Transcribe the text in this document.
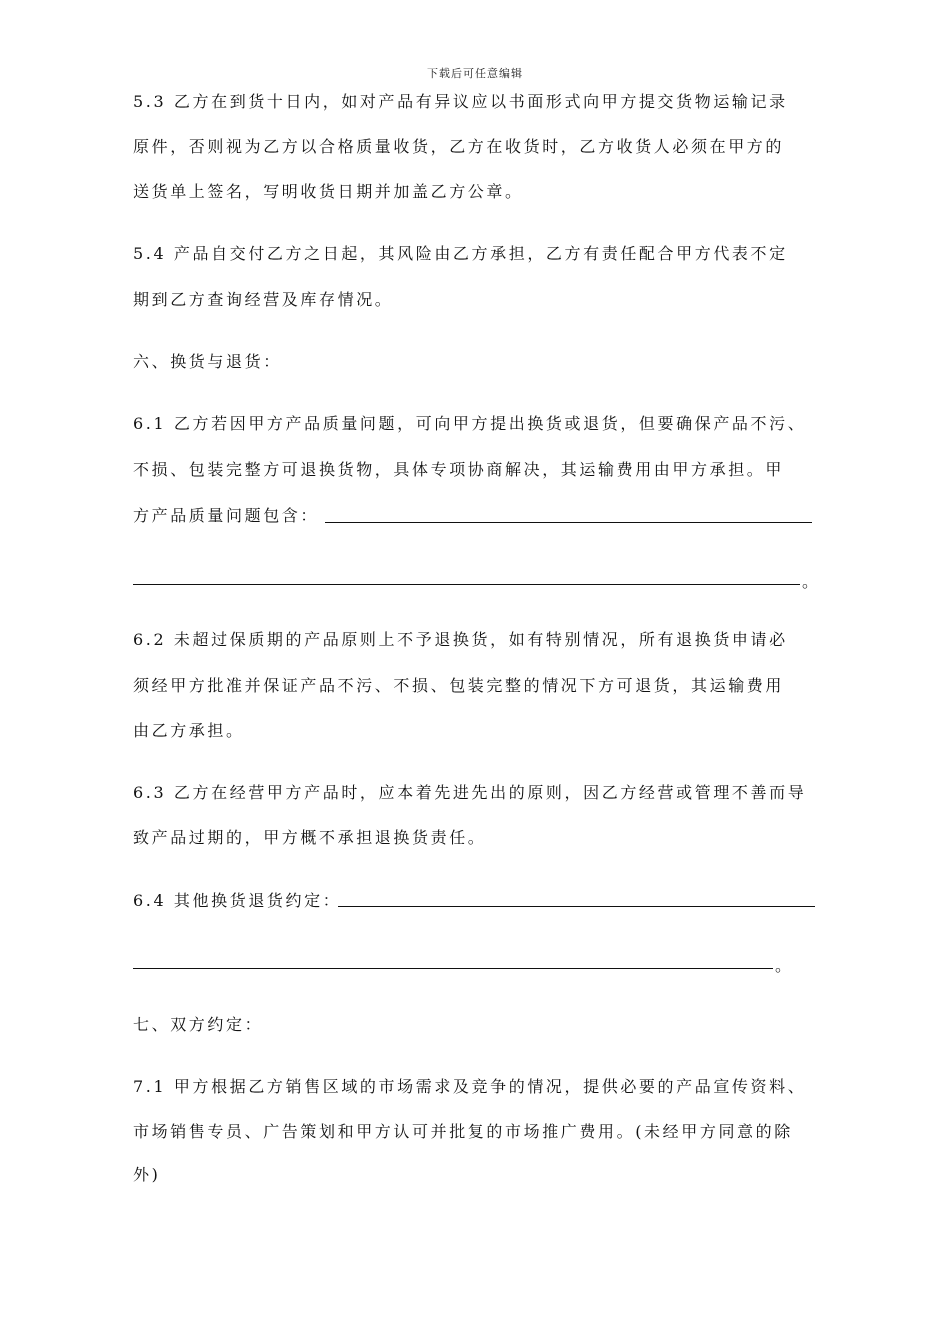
下载后可任意编辑
5.3 乙方在到货十日内，如对产品有异议应以书面形式向甲方提交货物运输记录
原件，否则视为乙方以合格质量收货，乙方在收货时，乙方收货人必须在甲方的
送货单上签名，写明收货日期并加盖乙方公章。
5.4 产品自交付乙方之日起，其风险由乙方承担，乙方有责任配合甲方代表不定
期到乙方查询经营及库存情况。
六、换货与退货：
6.1 乙方若因甲方产品质量问题，可向甲方提出换货或退货，但要确保产品不污、
不损、包装完整方可退换货物，具体专项协商解决，其运输费用由甲方承担。甲
方产品质量问题包含：
。
6.2 未超过保质期的产品原则上不予退换货，如有特别情况，所有退换货申请必
须经甲方批准并保证产品不污、不损、包装完整的情况下方可退货，其运输费用
由乙方承担。
6.3 乙方在经营甲方产品时，应本着先进先出的原则，因乙方经营或管理不善而导
致产品过期的，甲方概不承担退换货责任。
6.4 其他换货退货约定：
。
七、双方约定：
7.1 甲方根据乙方销售区域的市场需求及竞争的情况，提供必要的产品宣传资料、
市场销售专员、广告策划和甲方认可并批复的市场推广费用。(未经甲方同意的除
外)
